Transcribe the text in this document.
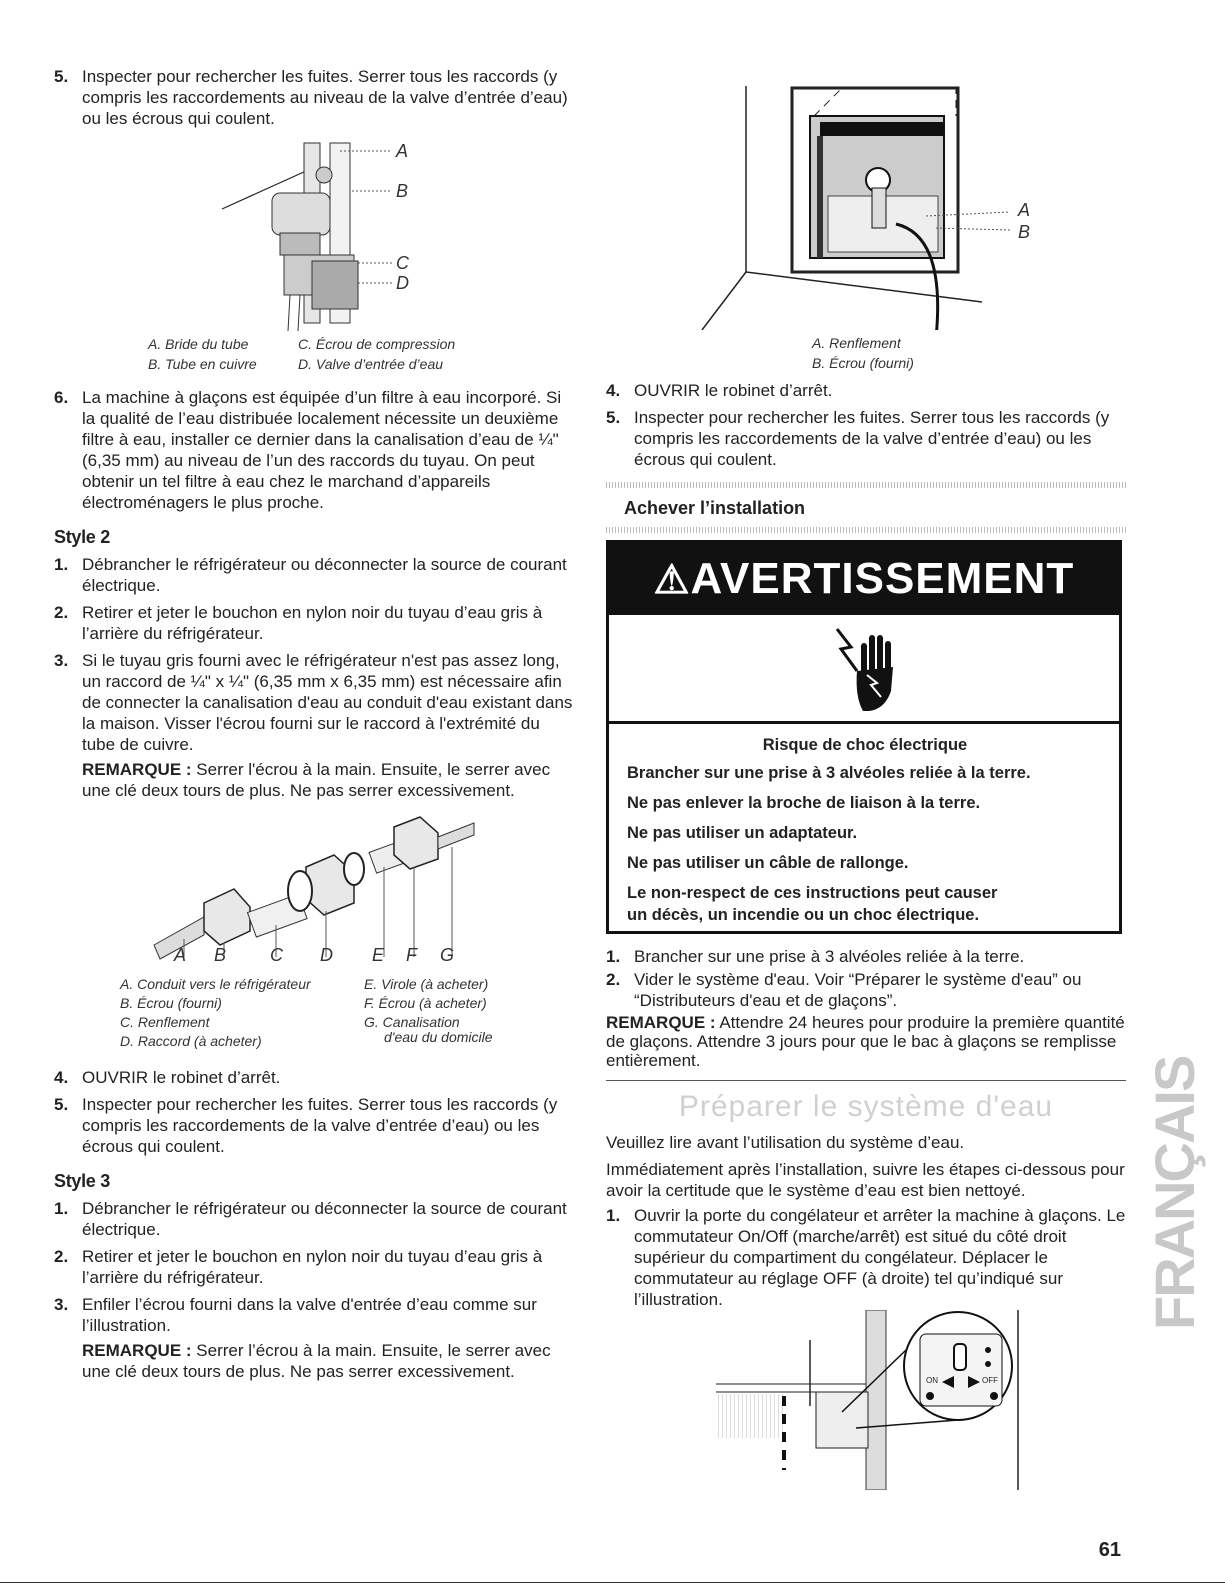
5. Inspecter pour rechercher les fuites. Serrer tous les raccords (y compris les raccordements au niveau de la valve d’entrée d’eau) ou les écrous qui coulent.
A
B
C
D
A. Bride du tube	C. Écrou de compression
B. Tube en cuivre	D. Valve d’entrée d’eau
6. La machine à glaçons est équipée d’un filtre à eau incorporé. Si la qualité de l’eau distribuée localement nécessite un deuxième filtre à eau, installer ce dernier dans la canalisation d’eau de ¼" (6,35 mm) au niveau de l’un des raccords du tuyau. On peut obtenir un tel filtre à eau chez le marchand d’appareils électroménagers le plus proche.
Style 2
1. Débrancher le réfrigérateur ou déconnecter la source de courant électrique.
2. Retirer et jeter le bouchon en nylon noir du tuyau d’eau gris à l’arrière du réfrigérateur.
3. Si le tuyau gris fourni avec le réfrigérateur n'est pas assez long, un raccord de ¼" x ¼" (6,35 mm x 6,35 mm) est nécessaire afin de connecter la canalisation d'eau au conduit d'eau existant dans la maison. Visser l'écrou fourni sur le raccord à l'extrémité du tube de cuivre.
REMARQUE : Serrer l'écrou à la main. Ensuite, le serrer avec une clé deux tours de plus. Ne pas serrer excessivement.
A B C D E F G
A. Conduit vers le réfrigérateur
B. Écrou (fourni)
C. Renflement
D. Raccord (à acheter)
E. Virole (à acheter)
F. Écrou (à acheter)
G. Canalisation
d'eau du domicile
4. OUVRIR le robinet d’arrêt.
5. Inspecter pour rechercher les fuites. Serrer tous les raccords (y compris les raccordements de la valve d’entrée d’eau) ou les écrous qui coulent.
Style 3
1. Débrancher le réfrigérateur ou déconnecter la source de courant électrique.
2. Retirer et jeter le bouchon en nylon noir du tuyau d’eau gris à l’arrière du réfrigérateur.
3. Enfiler l’écrou fourni dans la valve d'entrée d’eau comme sur l’illustration.
REMARQUE : Serrer l’écrou à la main. Ensuite, le serrer avec une clé deux tours de plus. Ne pas serrer excessivement.
A
B
A. Renflement
B. Écrou (fourni)
4. OUVRIR le robinet d’arrêt.
5. Inspecter pour rechercher les fuites. Serrer tous les raccords (y compris les raccordements de la valve d’entrée d’eau) ou les écrous qui coulent.
Achever l’installation
⚠AVERTISSEMENT
Risque de choc électrique
Brancher sur une prise à 3 alvéoles reliée à la terre.
Ne pas enlever la broche de liaison à la terre.
Ne pas utiliser un adaptateur.
Ne pas utiliser un câble de rallonge.
Le non-respect de ces instructions peut causer
un décès, un incendie ou un choc électrique.
1. Brancher sur une prise à 3 alvéoles reliée à la terre.
2. Vider le système d'eau. Voir “Préparer le système d'eau” ou “Distributeurs d'eau et de glaçons”.
REMARQUE : Attendre 24 heures pour produire la première quantité de glaçons. Attendre 3 jours pour que le bac à glaçons se remplisse entièrement.
Préparer le système d'eau

Veuillez lire avant l’utilisation du système d’eau.

Immédiatement après l’installation, suivre les étapes ci-dessous pour avoir la certitude que le système d’eau est bien nettoyé.

1. Ouvrir la porte du congélateur et arrêter la machine à glaçons. Le commutateur On/Off (marche/arrêt) est situé du côté droit supérieur du compartiment du congélateur. Déplacer le commutateur au réglage OFF (à droite) tel qu’indiqué sur l’illustration.
ON	OFF
FRANÇAIS
61
